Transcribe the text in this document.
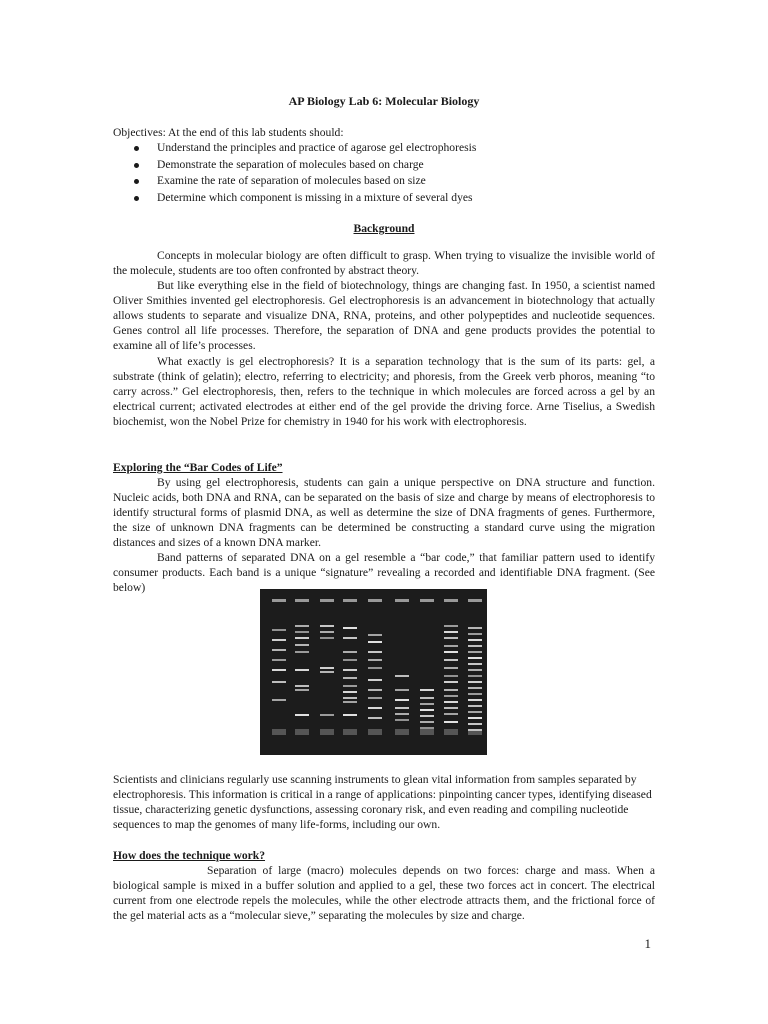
AP Biology Lab 6: Molecular Biology
Objectives: At the end of this lab students should:
Understand the principles and practice of agarose gel electrophoresis
Demonstrate the separation of molecules based on charge
Examine the rate of separation of molecules based on size
Determine which component is missing in a mixture of several dyes
Background

Concepts in molecular biology are often difficult to grasp. When trying to visualize the invisible world of the molecule, students are too often confronted by abstract theory.

But like everything else in the field of biotechnology, things are changing fast. In 1950, a scientist named Oliver Smithies invented gel electrophoresis. Gel electrophoresis is an advancement in biotechnology that actually allows students to separate and visualize DNA, RNA, proteins, and other polypeptides and nucleotide sequences. Genes control all life processes. Therefore, the separation of DNA and gene products provides the potential to examine all of life’s processes.

What exactly is gel electrophoresis? It is a separation technology that is the sum of its parts: gel, a substrate (think of gelatin); electro, referring to electricity; and phoresis, from the Greek verb phoros, meaning “to carry across.” Gel electrophoresis, then, refers to the technique in which molecules are forced across a gel by an electrical current; activated electrodes at either end of the gel provide the driving force. Arne Tiselius, a Swedish biochemist, won the Nobel Prize for chemistry in 1940 for his work with electrophoresis.

Exploring the “Bar Codes of Life”

By using gel electrophoresis, students can gain a unique perspective on DNA structure and function. Nucleic acids, both DNA and RNA, can be separated on the basis of size and charge by means of electrophoresis to identify structural forms of plasmid DNA, as well as determine the size of DNA fragments of genes. Furthermore, the size of unknown DNA fragments can be determined be constructing a standard curve using the migration distances and sizes of a known DNA marker.

Band patterns of separated DNA on a gel resemble a “bar code,” that familiar pattern used to identify consumer products. Each band is a unique “signature” revealing a recorded and identifiable DNA fragment. (See below)

Scientists and clinicians regularly use scanning instruments to glean vital information from samples separated by electrophoresis. This information is critical in a range of applications: pinpointing cancer types, identifying diseased tissue, characterizing genetic dysfunctions, assessing coronary risk, and even reading and compiling nucleotide sequences to map the genomes of many life-forms, including our own.

How does the technique work?

Separation of large (macro) molecules depends on two forces: charge and mass. When a biological sample is mixed in a buffer solution and applied to a gel, these two forces act in concert. The electrical current from one electrode repels the molecules, while the other electrode attracts them, and the frictional force of the gel material acts as a “molecular sieve,” separating the molecules by size and charge.

1
